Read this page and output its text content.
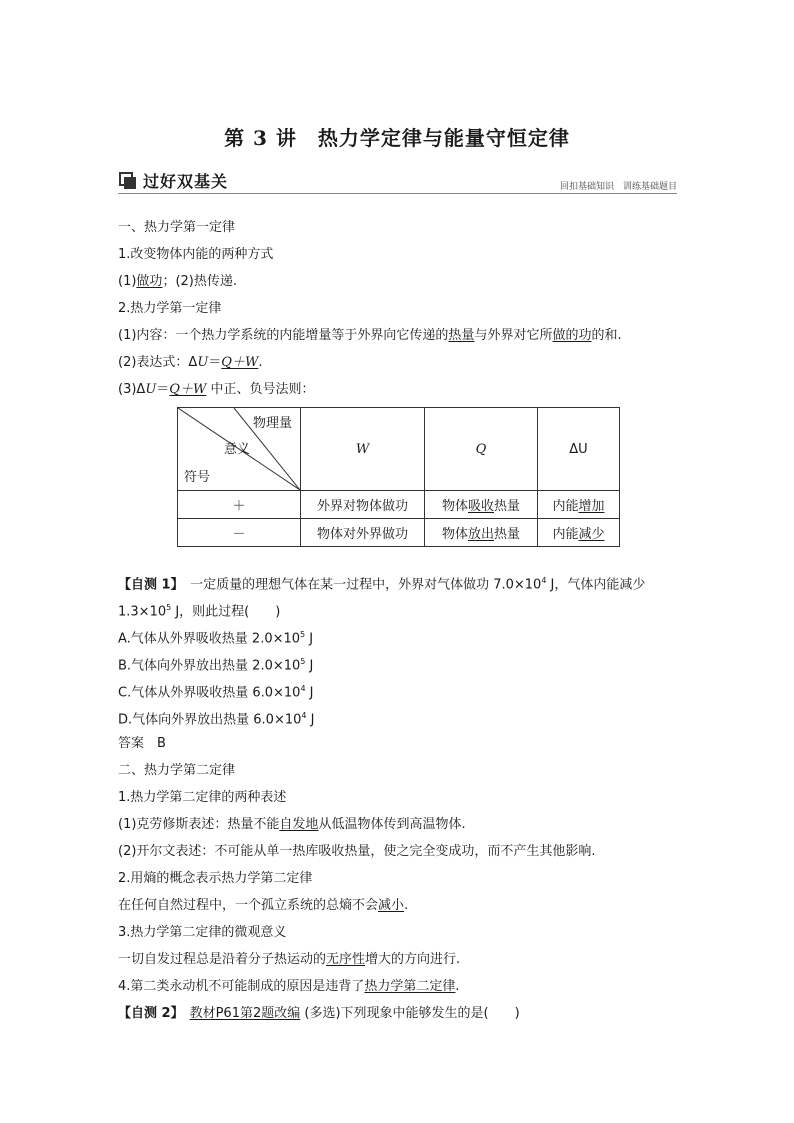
第 3 讲　热力学定律与能量守恒定律
过好双基关	回扣基础知识　训练基础题目
一、热力学第一定律
1.改变物体内能的两种方式
(1)做功；(2)热传递.
2.热力学第一定律
(1)内容：一个热力学系统的内能增量等于外界向它传递的热量与外界对它所做的功的和.
(2)表达式：ΔU＝Q＋W.
(3)ΔU＝Q＋W 中正、负号法则：
物理量
意义
符号	W	Q	ΔU
＋	外界对物体做功	物体吸收热量	内能增加
－	物体对外界做功	物体放出热量	内能减少
【自测 1】　一定质量的理想气体在某一过程中，外界对气体做功 $7.0\times 10^4$ J，气体内能减少
$1.3\times 10^5$ J，则此过程(　　)
A.气体从外界吸收热量 $2.0\times 10^5$ J
B.气体向外界放出热量 $2.0\times 10^5$ J
C.气体从外界吸收热量 $6.0\times 10^4$ J
D.气体向外界放出热量 $6.0\times 10^4$ J
答案　B
二、热力学第二定律
1.热力学第二定律的两种表述
(1)克劳修斯表述：热量不能自发地从低温物体传到高温物体.
(2)开尔文表述：不可能从单一热库吸收热量，使之完全变成功，而不产生其他影响.
2.用熵的概念表示热力学第二定律
在任何自然过程中，一个孤立系统的总熵不会减小.
3.热力学第二定律的微观意义
一切自发过程总是沿着分子热运动的无序性增大的方向进行.
4.第二类永动机不可能制成的原因是违背了热力学第二定律.
【自测 2】 教材P61第2题改编 (多选)下列现象中能够发生的是(　　)
